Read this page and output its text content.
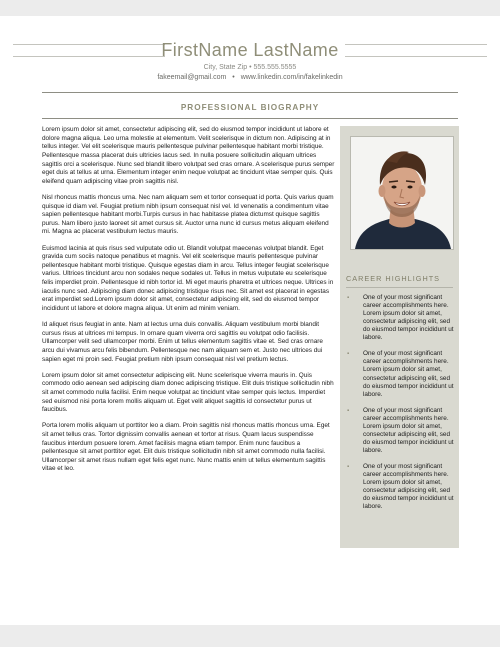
FirstName LastName
City, State Zip • 555.555.5555
fakeemail@gmail.com • www.linkedin.com/in/fakelinkedin
PROFESSIONAL BIOGRAPHY

Lorem ipsum dolor sit amet, consectetur adipiscing elit, sed do eiusmod tempor incididunt ut labore et dolore magna aliqua. Leo urna molestie at elementum. Velit scelerisque in dictum non. Adipiscing at in tellus integer. Vel elit scelerisque mauris pellentesque pulvinar pellentesque habitant morbi tristique. Pellentesque massa placerat duis ultricies lacus sed. In nulla posuere sollicitudin aliquam ultrices sagittis orci a scelerisque. Nunc sed blandit libero volutpat sed cras ornare. A scelerisque purus semper eget duis at tellus at urna. Elementum integer enim neque volutpat ac tincidunt vitae semper quis. Quis eleifend quam adipiscing vitae proin sagittis nisl.

Nisl rhoncus mattis rhoncus urna. Nec nam aliquam sem et tortor consequat id porta. Quis varius quam quisque id diam vel. Feugiat pretium nibh ipsum consequat nisl vel. Id venenatis a condimentum vitae sapien pellentesque habitant morbi.Turpis cursus in hac habitasse platea dictumst quisque sagittis purus. Nam libero justo laoreet sit amet cursus sit. Auctor urna nunc id cursus metus aliquam eleifend mi. Magna ac placerat vestibulum lectus mauris.

Euismod lacinia at quis risus sed vulputate odio ut. Blandit volutpat maecenas volutpat blandit. Eget gravida cum sociis natoque penatibus et magnis. Vel elit scelerisque mauris pellentesque pulvinar pellentesque habitant morbi tristique. Quisque egestas diam in arcu. Tellus integer feugiat scelerisque varius. Ultrices tincidunt arcu non sodales neque sodales ut. Tellus in metus vulputate eu scelerisque felis imperdiet proin. Pellentesque id nibh tortor id. Mi eget mauris pharetra et ultrices neque. Ultrices in iaculis nunc sed. Adipiscing diam donec adipiscing tristique risus nec. Sit amet est placerat in egestas erat imperdiet sed.Lorem ipsum dolor sit amet, consectetur adipiscing elit, sed do eiusmod tempor incididunt ut labore et dolore magna aliqua. Ut enim ad minim veniam.

Id aliquet risus feugiat in ante. Nam at lectus urna duis convallis. Aliquam vestibulum morbi blandit cursus risus at ultrices mi tempus. In ornare quam viverra orci sagittis eu volutpat odio facilisis. Ullamcorper velit sed ullamcorper morbi. Enim ut tellus elementum sagittis vitae et. Sed cras ornare arcu dui vivamus arcu felis bibendum. Pellentesque nec nam aliquam sem et. Justo nec ultrices dui sapien eget mi proin sed. Feugiat pretium nibh ipsum consequat nisl vel pretium lectus.

Lorem ipsum dolor sit amet consectetur adipiscing elit. Nunc scelerisque viverra mauris in. Quis commodo odio aenean sed adipiscing diam donec adipiscing tristique. Elit duis tristique sollicitudin nibh sit amet commodo nulla facilisi. Enim neque volutpat ac tincidunt vitae semper quis lectus. Imperdiet sed euismod nisi porta lorem mollis aliquam ut. Eget velit aliquet sagittis id consectetur purus ut faucibus.

Porta lorem mollis aliquam ut porttitor leo a diam. Proin sagittis nisl rhoncus mattis rhoncus urna. Eget sit amet tellus cras. Tortor dignissim convallis aenean et tortor at risus. Quam lacus suspendisse faucibus interdum posuere lorem. Amet facilisis magna etiam tempor. Enim nunc faucibus a pellentesque sit amet porttitor eget. Elit duis tristique sollicitudin nibh sit amet commodo nulla facilisi. Ullamcorper sit amet risus nullam eget felis eget nunc. Nunc mattis enim ut tellus elementum sagittis vitae et leo.

CAREER HIGHLIGHTS
▪ One of your most significant career accomplishments here. Lorem ipsum dolor sit amet, consectetur adipiscing elit, sed do eiusmod tempor incididunt ut labore.
▪ One of your most significant career accomplishments here. Lorem ipsum dolor sit amet, consectetur adipiscing elit, sed do eiusmod tempor incididunt ut labore.
▪ One of your most significant career accomplishments here. Lorem ipsum dolor sit amet, consectetur adipiscing elit, sed do eiusmod tempor incididunt ut labore.
▪ One of your most significant career accomplishments here. Lorem ipsum dolor sit amet, consectetur adipiscing elit, sed do eiusmod tempor incididunt ut labore.
